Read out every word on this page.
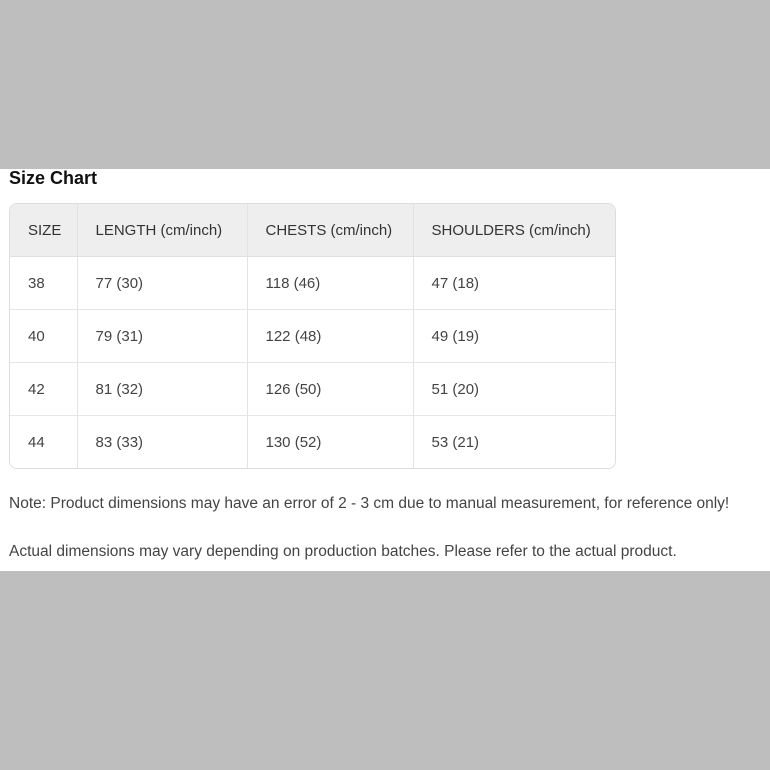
Size Chart
SIZE	LENGTH (cm/inch)	CHESTS (cm/inch)	SHOULDERS (cm/inch)
38	77 (30)	118 (46)	47 (18)
40	79 (31)	122 (48)	49 (19)
42	81 (32)	126 (50)	51 (20)
44	83 (33)	130 (52)	53 (21)
Note: Product dimensions may have an error of 2 - 3 cm due to manual measurement, for reference only!
Actual dimensions may vary depending on production batches. Please refer to the actual product.
